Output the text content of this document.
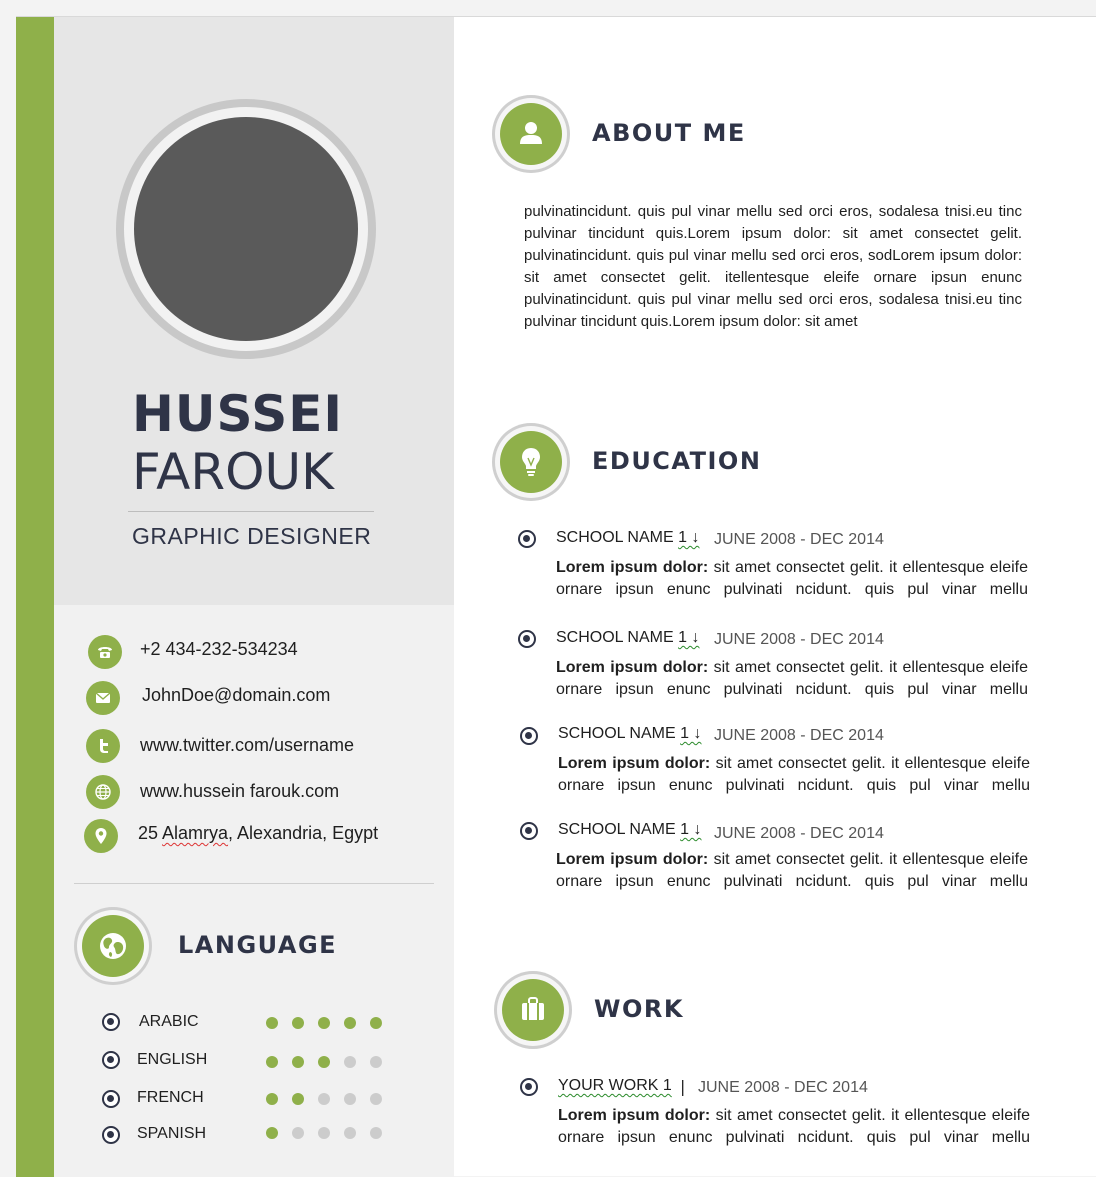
HUSSEI
FAROUK
GRAPHIC DESIGNER
+2 434-232-534234
JohnDoe@domain.com
www.twitter.com/username
www.hussein farouk.com
25 Alamrya, Alexandria, Egypt
LANGUAGE
ARABIC
ENGLISH
FRENCH
SPANISH
ABOUT ME
pulvinatincidunt. quis pul vinar mellu sed orci eros, sodalesa tnisi.eu tinc pulvinar tincidunt quis.Lorem ipsum dolor: sit amet consectet gelit. pulvinatincidunt. quis pul vinar mellu sed orci eros, sodLorem ipsum dolor: sit amet consectet gelit. itellentesque eleife ornare ipsun enunc pulvinatincidunt. quis pul vinar mellu sed orci eros, sodalesa tnisi.eu tinc pulvinar tincidunt quis.Lorem ipsum dolor: sit amet
EDUCATION
SCHOOL NAME 1 ↓ JUNE 2008 - DEC 2014
Lorem ipsum dolor: sit amet consectet gelit. it ellentesque eleife ornare ipsun enunc pulvinati ncidunt. quis pul vinar mellu
SCHOOL NAME 1 ↓ JUNE 2008 - DEC 2014
Lorem ipsum dolor: sit amet consectet gelit. it ellentesque eleife ornare ipsun enunc pulvinati ncidunt. quis pul vinar mellu
SCHOOL NAME 1 ↓ JUNE 2008 - DEC 2014
Lorem ipsum dolor: sit amet consectet gelit. it ellentesque eleife ornare ipsun enunc pulvinati ncidunt. quis pul vinar mellu
SCHOOL NAME 1 ↓ JUNE 2008 - DEC 2014
Lorem ipsum dolor: sit amet consectet gelit. it ellentesque eleife ornare ipsun enunc pulvinati ncidunt. quis pul vinar mellu
WORK
YOUR WORK 1 | JUNE 2008 - DEC 2014
Lorem ipsum dolor: sit amet consectet gelit. it ellentesque eleife ornare ipsun enunc pulvinati ncidunt. quis pul vinar mellu
